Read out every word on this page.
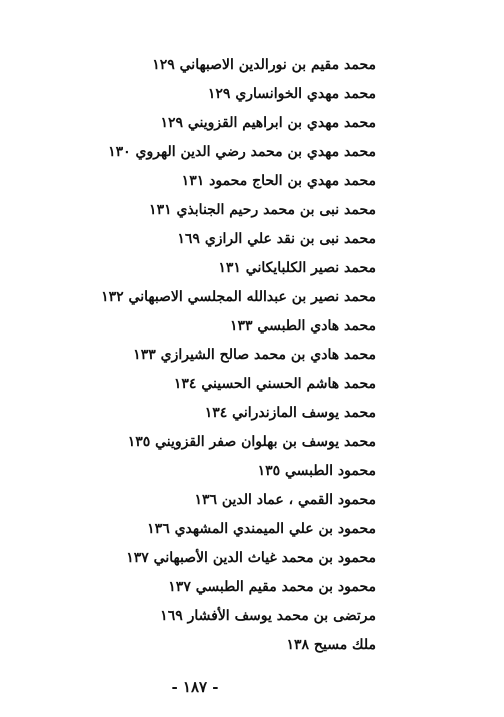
محمد مقيم بن نورالدين الاصبهاني ١٢٩
محمد مهدي الخوانساري ١٢٩
محمد مهدي بن ابراهيم القزويني ١٢٩
محمد مهدي بن محمد رضي الدين الهروي ١٣٠
محمد مهدي بن الحاج محمود ١٣١
محمد نبى بن محمد رحيم الجنابذي ١٣١
محمد نبى بن نقد علي الرازي ١٦٩
محمد نصير الكلبايكاني ١٣١
محمد نصير بن عبدالله المجلسي الاصبهاني ١٣٢
محمد هادي الطبسي ١٣٣
محمد هادي بن محمد صالح الشيرازي ١٣٣
محمد هاشم الحسني الحسيني ١٣٤
محمد يوسف المازندراني ١٣٤
محمد يوسف بن بهلوان صفر القزويني ١٣٥
محمود الطبسي ١٣٥
محمود القمي ، عماد الدين ١٣٦
محمود بن علي الميمندي المشهدي ١٣٦
محمود بن محمد غياث الدين الأصبهاني ١٣٧
محمود بن محمد مقيم الطبسي ١٣٧
مرتضى بن محمد يوسف الأفشار ١٦٩
ملك مسيح ١٣٨
- ١٨٧ -
